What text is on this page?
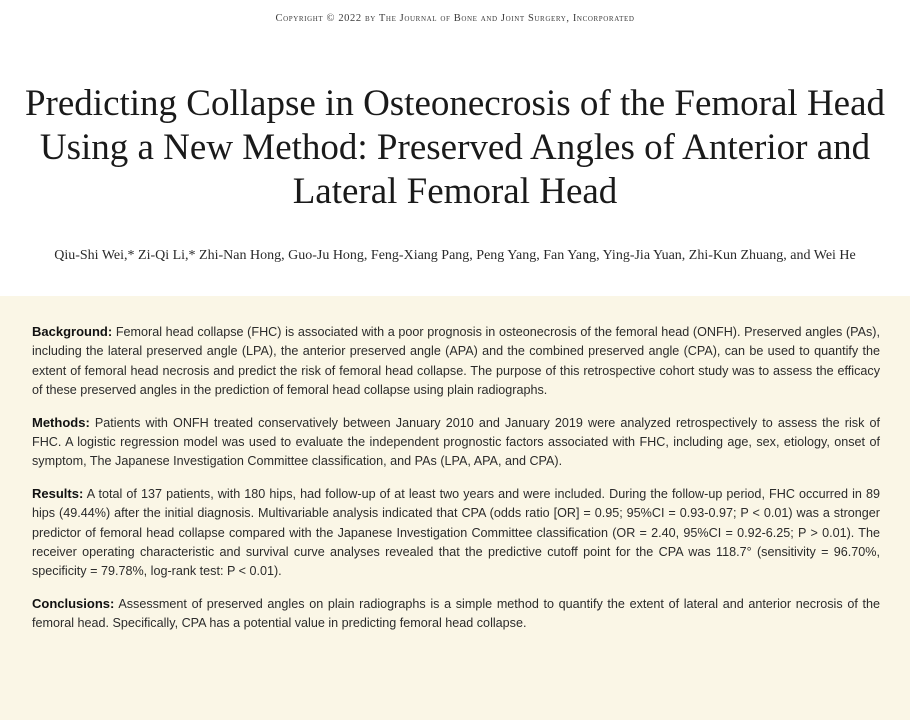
Copyright © 2022 by The Journal of Bone and Joint Surgery, Incorporated
Predicting Collapse in Osteonecrosis of the Femoral Head Using a New Method: Preserved Angles of Anterior and Lateral Femoral Head
Qiu-Shi Wei,* Zi-Qi Li,* Zhi-Nan Hong, Guo-Ju Hong, Feng-Xiang Pang, Peng Yang, Fan Yang, Ying-Jia Yuan, Zhi-Kun Zhuang, and Wei He

Background: Femoral head collapse (FHC) is associated with a poor prognosis in osteonecrosis of the femoral head (ONFH). Preserved angles (PAs), including the lateral preserved angle (LPA), the anterior preserved angle (APA) and the combined preserved angle (CPA), can be used to quantify the extent of femoral head necrosis and predict the risk of femoral head collapse. The purpose of this retrospective cohort study was to assess the efficacy of these preserved angles in the prediction of femoral head collapse using plain radiographs.

Methods: Patients with ONFH treated conservatively between January 2010 and January 2019 were analyzed retrospectively to assess the risk of FHC. A logistic regression model was used to evaluate the independent prognostic factors associated with FHC, including age, sex, etiology, onset of symptom, The Japanese Investigation Committee classification, and PAs (LPA, APA, and CPA).

Results: A total of 137 patients, with 180 hips, had follow-up of at least two years and were included. During the follow-up period, FHC occurred in 89 hips (49.44%) after the initial diagnosis. Multivariable analysis indicated that CPA (odds ratio [OR] = 0.95; 95%CI = 0.93-0.97; P < 0.01) was a stronger predictor of femoral head collapse compared with the Japanese Investigation Committee classification (OR = 2.40, 95%CI = 0.92-6.25; P > 0.01). The receiver operating characteristic and survival curve analyses revealed that the predictive cutoff point for the CPA was 118.7° (sensitivity = 96.70%, specificity = 79.78%, log-rank test: P < 0.01).

Conclusions: Assessment of preserved angles on plain radiographs is a simple method to quantify the extent of lateral and anterior necrosis of the femoral head. Specifically, CPA has a potential value in predicting femoral head collapse.
